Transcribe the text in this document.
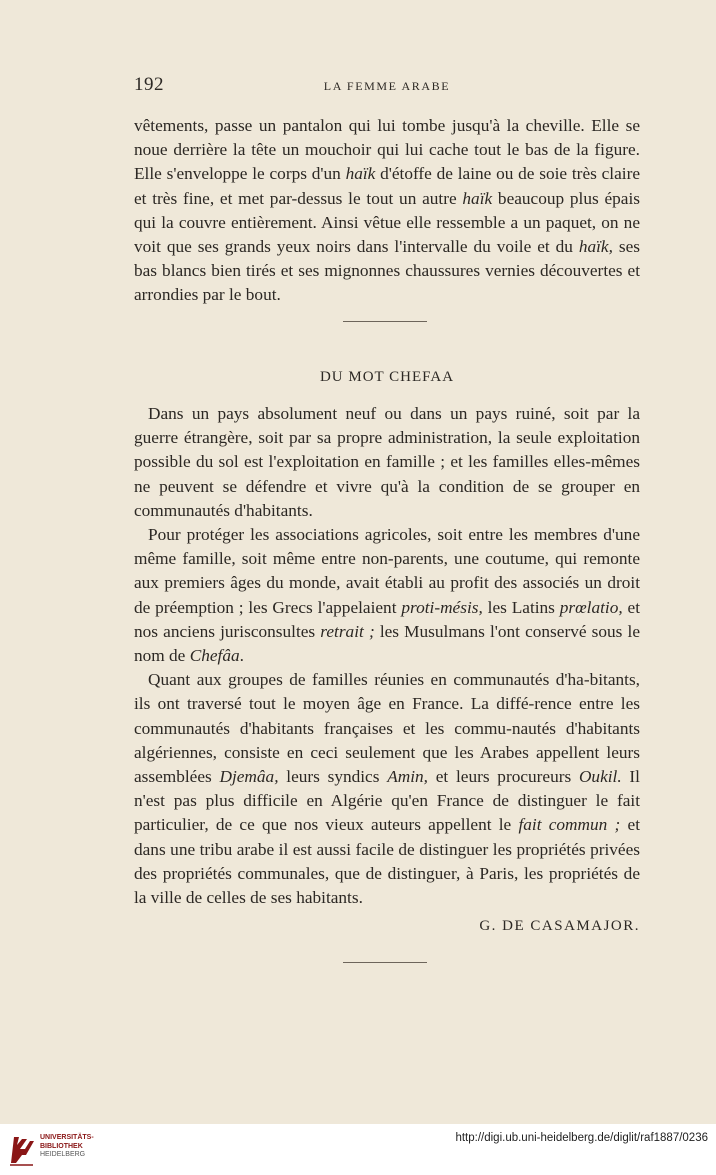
192	LA FEMME ARABE

vêtements, passe un pantalon qui lui tombe jusqu'à la cheville. Elle se noue derrière la tête un mouchoir qui lui cache tout le bas de la figure. Elle s'enveloppe le corps d'un haïk d'étoffe de laine ou de soie très claire et très fine, et met par-dessus le tout un autre haïk beaucoup plus épais qui la couvre entièrement. Ainsi vêtue elle ressemble a un paquet, on ne voit que ses grands yeux noirs dans l'intervalle du voile et du haïk, ses bas blancs bien tirés et ses mignonnes chaussures vernies découvertes et arrondies par le bout.

DU MOT CHEFAA

Dans un pays absolument neuf ou dans un pays ruiné, soit par la guerre étrangère, soit par sa propre administration, la seule exploitation possible du sol est l'exploitation en famille ; et les familles elles-mêmes ne peuvent se défendre et vivre qu'à la condition de se grouper en communautés d'habitants.

Pour protéger les associations agricoles, soit entre les membres d'une même famille, soit même entre non-parents, une coutume, qui remonte aux premiers âges du monde, avait établi au profit des associés un droit de préemption ; les Grecs l'appelaient proti-mésis, les Latins prœlatio, et nos anciens jurisconsultes retrait ; les Musulmans l'ont conservé sous le nom de Chefâa.

Quant aux groupes de familles réunies en communautés d'ha-bitants, ils ont traversé tout le moyen âge en France. La diffé-rence entre les communautés d'habitants françaises et les commu-nautés d'habitants algériennes, consiste en ceci seulement que les Arabes appellent leurs assemblées Djemâa, leurs syndics Amin, et leurs procureurs Oukil. Il n'est pas plus difficile en Algérie qu'en France de distinguer le fait particulier, de ce que nos vieux auteurs appellent le fait commun ; et dans une tribu arabe il est aussi facile de distinguer les propriétés privées des propriétés communales, que de distinguer, à Paris, les propriétés de la ville de celles de ses habitants.

G. DE CASAMAJOR.
UNIVERSITÄTS-
BIBLIOTHEK
HEIDELBERG
http://digi.ub.uni-heidelberg.de/diglit/raf1887/0236
